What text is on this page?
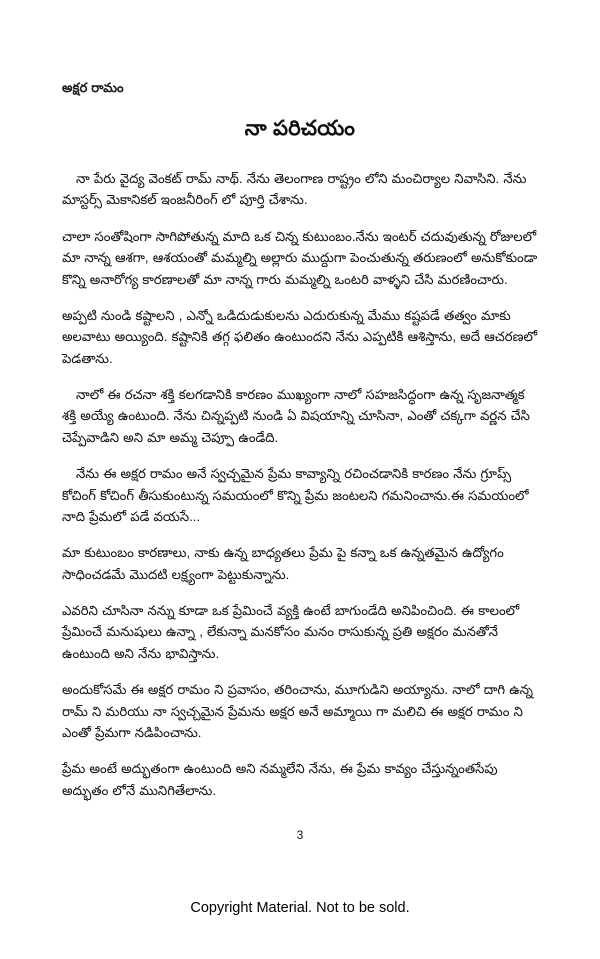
అక్షర రామం
నా పరిచయం

నా పేరు వైద్య వెంకట్ రామ్ నాథ్. నేను తెలంగాణ రాష్ట్రం లోని మంచిర్యాల నివాసిని. నేను మాస్టర్స్ మెకానికల్ ఇంజనీరింగ్ లో పూర్తి చేశాను.

చాలా సంతోషింగా సాగిపోతున్న మాది ఒక చిన్న కుటుంబం.నేను ఇంటర్ చదువుతున్న రోజులలో మా నాన్న ఆశగా, ఆశయంతో మమ్మల్ని అల్లారు ముద్దుగా పెంచుతున్న తరుణంలో అనుకోకుండా కొన్ని అనారోగ్య కారణాలతో మా నాన్న గారు మమ్మల్ని ఒంటరి వాళ్ళని చేసి మరణించారు.

అప్పటి నుండి కష్టాలని , ఎన్నో ఒడిదుడుకులను ఎదురుకున్న మేము కష్టపడే తత్వం మాకు అలవాటు అయ్యింది. కష్టానికి తగ్గ ఫలితం ఉంటుందని నేను ఎప్పటికి ఆశిస్తాను, అదే ఆచరణలో పెడతాను.

నాలో ఈ రచనా శక్తి కలగడానికి కారణం ముఖ్యంగా నాలో సహజసిద్ధంగా ఉన్న సృజనాత్మక శక్తి అయ్యే ఉంటుంది. నేను చిన్నప్పటి నుండి ఏ విషయాన్ని చూసినా, ఎంతో చక్కగా వర్ణన చేసి చెప్పేవాడిని అని మా అమ్మ చెప్పూ ఉండేది.

నేను ఈ అక్షర రామం అనే స్వచ్చమైన ప్రేమ కావ్యాన్ని రచించడానికి కారణం నేను గ్రూప్స్ కోచింగ్ కోచింగ్ తీసుకుంటున్న సమయంలో కొన్ని ప్రేమ జంటలని గమనించాను.ఈ సమయంలో నాది ప్రేమలో పడే వయసే...

మా కుటుంబం కారణాలు, నాకు ఉన్న బాధ్యతలు ప్రేమ పై కన్నా ఒక ఉన్నతమైన ఉద్యోగం సాధించడమే మొదటి లక్ష్యంగా పెట్టుకున్నాను.

ఎవరిని చూసినా నన్ను కూడా ఒక ప్రేమించే వ్యక్తి ఉంటే బాగుండేది అనిపించింది. ఈ కాలంలో ప్రేమించే మనుషులు ఉన్నా , లేకున్నా మనకోసం మనం రాసుకున్న ప్రతి అక్షరం మనతోనే ఉంటుంది అని నేను భావిస్తాను.

అందుకోసమే ఈ అక్షర రామం ని ప్రవాసం, తరించాను, మూగుడిని అయ్యాను. నాలో దాగి ఉన్న రామ్ ని మరియు నా స్వచ్చమైన ప్రేమను అక్షర అనే అమ్మాయి గా మలిచి ఈ అక్షర రామం ని ఎంతో ప్రేమగా నడిపించాను.

ప్రేమ అంటే అద్భుతంగా ఉంటుంది అని నమ్మలేని నేను, ఈ ప్రేమ కావ్యం చేస్తున్నంతసేపు అద్భుతం లోనే మునిగితేలాను.

3
Copyright Material. Not to be sold.
